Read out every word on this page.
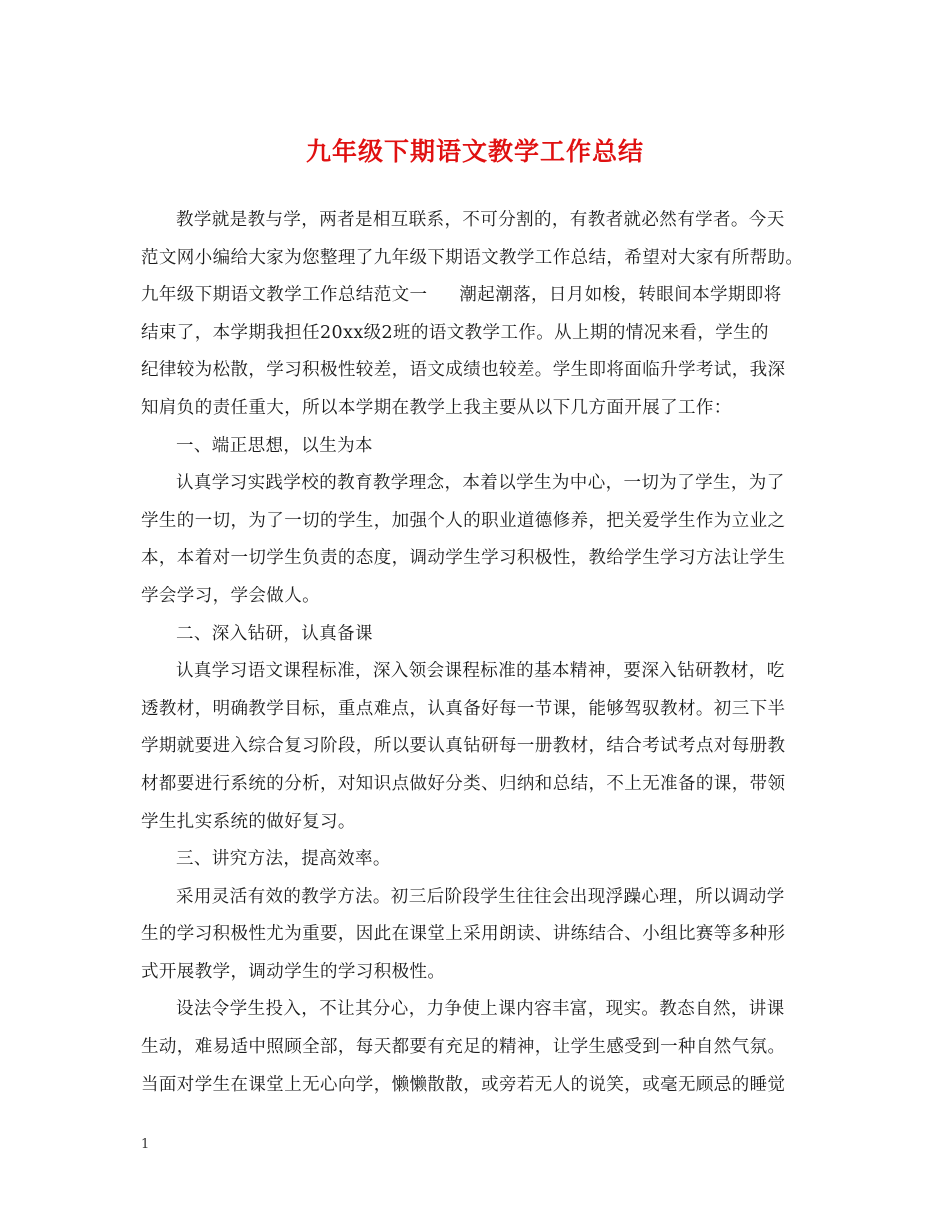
九年级下期语文教学工作总结
教学就是教与学，两者是相互联系，不可分割的，有教者就必然有学者。今天
范文网小编给大家为您整理了九年级下期语文教学工作总结，希望对大家有所帮助。
九年级下期语文教学工作总结范文一 潮起潮落，日月如梭，转眼间本学期即将
结束了，本学期我担任20xx级2班的语文教学工作。从上期的情况来看，学生的
纪律较为松散，学习积极性较差，语文成绩也较差。学生即将面临升学考试，我深
知肩负的责任重大，所以本学期在教学上我主要从以下几方面开展了工作：
一、端正思想，以生为本
认真学习实践学校的教育教学理念，本着以学生为中心，一切为了学生，为了
学生的一切，为了一切的学生，加强个人的职业道德修养，把关爱学生作为立业之
本，本着对一切学生负责的态度，调动学生学习积极性，教给学生学习方法让学生
学会学习，学会做人。
二、深入钻研，认真备课
认真学习语文课程标准，深入领会课程标准的基本精神，要深入钻研教材，吃
透教材，明确教学目标，重点难点，认真备好每一节课，能够驾驭教材。初三下半
学期就要进入综合复习阶段，所以要认真钻研每一册教材，结合考试考点对每册教
材都要进行系统的分析，对知识点做好分类、归纳和总结，不上无准备的课，带领
学生扎实系统的做好复习。
三、讲究方法，提高效率。
采用灵活有效的教学方法。初三后阶段学生往往会出现浮躁心理，所以调动学
生的学习积极性尤为重要，因此在课堂上采用朗读、讲练结合、小组比赛等多种形
式开展教学，调动学生的学习积极性。
设法令学生投入，不让其分心，力争使上课内容丰富，现实。教态自然，讲课
生动，难易适中照顾全部，每天都要有充足的精神，让学生感受到一种自然气氛。
当面对学生在课堂上无心向学，懒懒散散，或旁若无人的说笑，或毫无顾忌的睡觉
1
